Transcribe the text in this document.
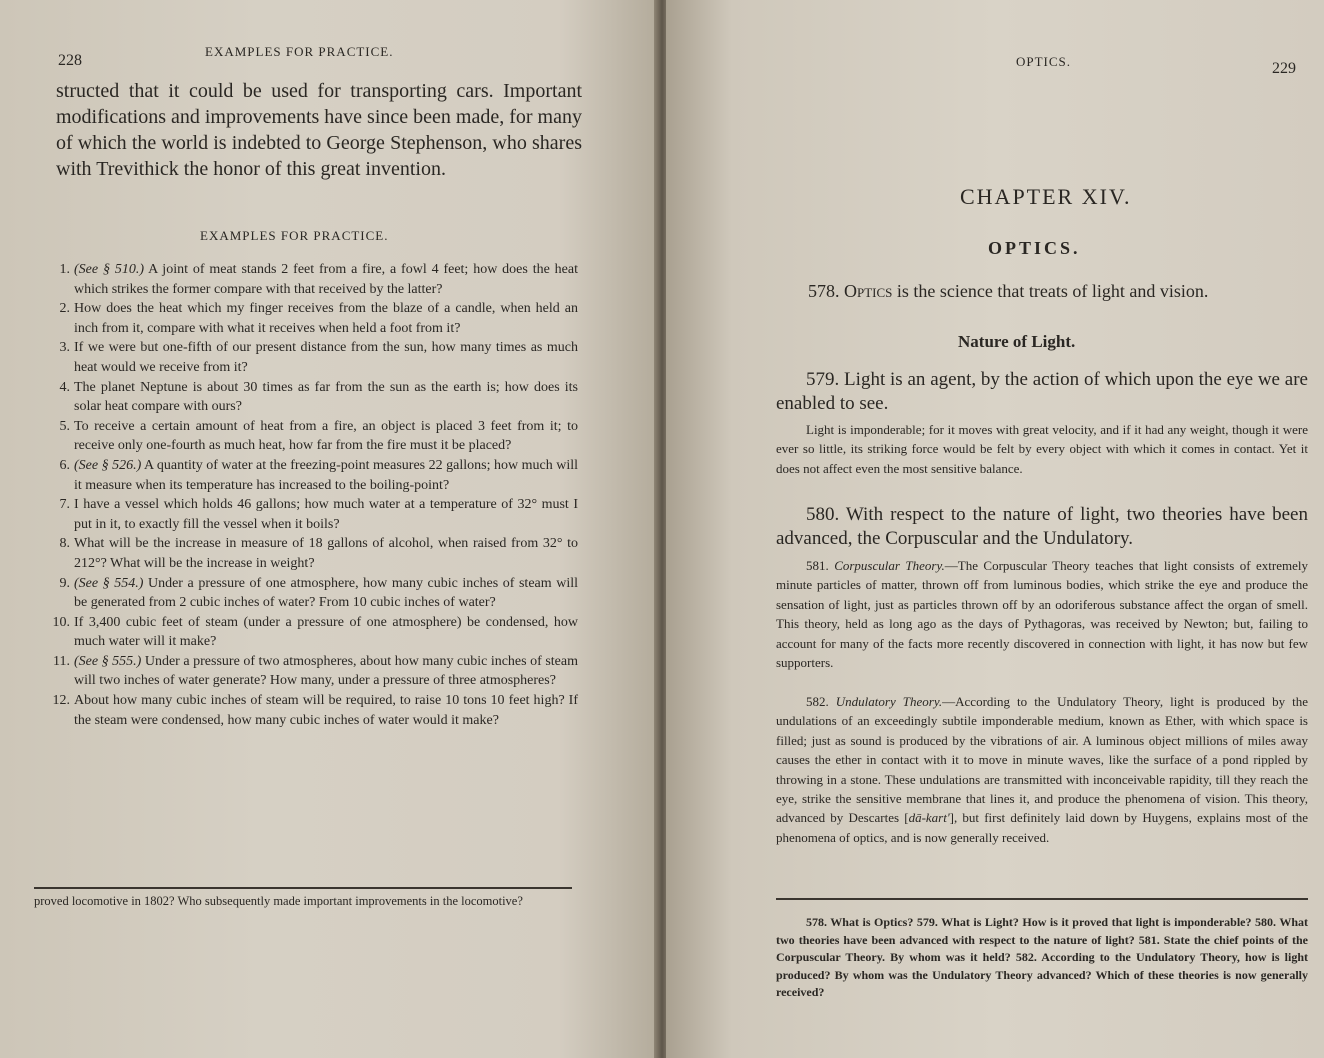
228
EXAMPLES FOR PRACTICE.
structed that it could be used for transporting cars. Important modifications and improvements have since been made, for many of which the world is indebted to George Stephenson, who shares with Trevithick the honor of this great invention.
EXAMPLES FOR PRACTICE.
1. (See § 510.) A joint of meat stands 2 feet from a fire, a fowl 4 feet; how does the heat which strikes the former compare with that received by the latter?
2. How does the heat which my finger receives from the blaze of a candle, when held an inch from it, compare with what it receives when held a foot from it?
3. If we were but one-fifth of our present distance from the sun, how many times as much heat would we receive from it?
4. The planet Neptune is about 30 times as far from the sun as the earth is; how does its solar heat compare with ours?
5. To receive a certain amount of heat from a fire, an object is placed 3 feet from it; to receive only one-fourth as much heat, how far from the fire must it be placed?
6. (See § 526.) A quantity of water at the freezing-point measures 22 gallons; how much will it measure when its temperature has increased to the boiling-point?
7. I have a vessel which holds 46 gallons; how much water at a temperature of 32° must I put in it, to exactly fill the vessel when it boils?
8. What will be the increase in measure of 18 gallons of alcohol, when raised from 32° to 212°? What will be the increase in weight?
9. (See § 554.) Under a pressure of one atmosphere, how many cubic inches of steam will be generated from 2 cubic inches of water? From 10 cubic inches of water?
10. If 3,400 cubic feet of steam (under a pressure of one atmosphere) be condensed, how much water will it make?
11. (See § 555.) Under a pressure of two atmospheres, about how many cubic inches of steam will two inches of water generate? How many, under a pressure of three atmospheres?
12. About how many cubic inches of steam will be required, to raise 10 tons 10 feet high? If the steam were condensed, how many cubic inches of water would it make?
proved locomotive in 1802? Who subsequently made important improvements in the locomotive?
OPTICS.	229
CHAPTER XIV.
OPTICS.
578. Optics is the science that treats of light and vision.
Nature of Light.
579. Light is an agent, by the action of which upon the eye we are enabled to see.
Light is imponderable; for it moves with great velocity, and if it had any weight, though it were ever so little, its striking force would be felt by every object with which it comes in contact. Yet it does not affect even the most sensitive balance.
580. With respect to the nature of light, two theories have been advanced, the Corpuscular and the Undulatory.
581. Corpuscular Theory.—The Corpuscular Theory teaches that light consists of extremely minute particles of matter, thrown off from luminous bodies, which strike the eye and produce the sensation of light, just as particles thrown off by an odoriferous substance affect the organ of smell. This theory, held as long ago as the days of Pythagoras, was received by Newton; but, failing to account for many of the facts more recently discovered in connection with light, it has now but few supporters.
582. Undulatory Theory.—According to the Undulatory Theory, light is produced by the undulations of an exceedingly subtile imponderable medium, known as Ether, with which space is filled; just as sound is produced by the vibrations of air. A luminous object millions of miles away causes the ether in contact with it to move in minute waves, like the surface of a pond rippled by throwing in a stone. These undulations are transmitted with inconceivable rapidity, till they reach the eye, strike the sensitive membrane that lines it, and produce the phenomena of vision. This theory, advanced by Descartes [dā-kart'], but first definitely laid down by Huygens, explains most of the phenomena of optics, and is now generally received.
578. What is Optics? 579. What is Light? How is it proved that light is imponderable? 580. What two theories have been advanced with respect to the nature of light? 581. State the chief points of the Corpuscular Theory. By whom was it held? 582. According to the Undulatory Theory, how is light produced? By whom was the Undulatory Theory advanced? Which of these theories is now generally received?
